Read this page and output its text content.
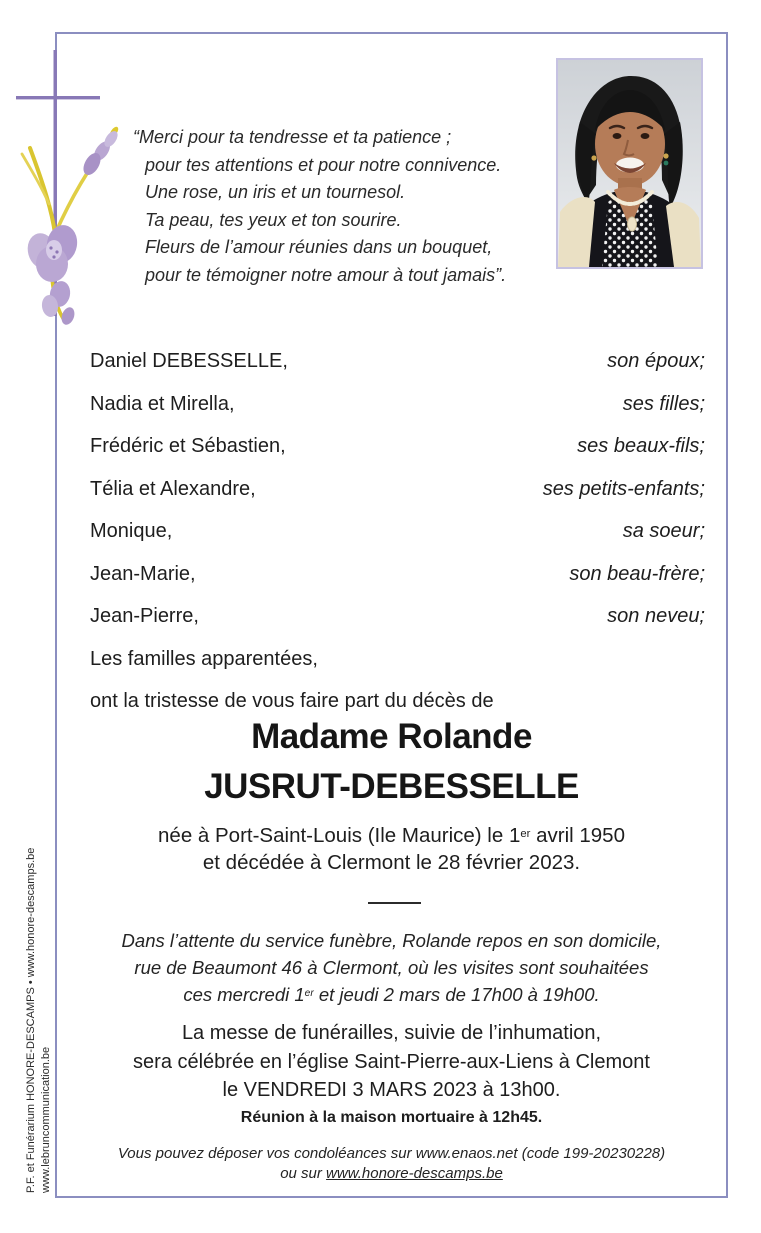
“Merci pour ta tendresse et ta patience ;
pour tes attentions et pour notre connivence.
Une rose, un iris et un tournesol.
Ta peau, tes yeux et ton sourire.
Fleurs de l’amour réunies dans un bouquet,
pour te témoigner notre amour à tout jamais”.
Daniel DEBESSELLE,	son époux;
Nadia et Mirella,	ses filles;
Frédéric et Sébastien,	ses beaux-fils;
Télia et Alexandre,	ses petits-enfants;
Monique,	sa soeur;
Jean-Marie,	son beau-frère;
Jean-Pierre,	son neveu;
Les familles apparentées,
ont la tristesse de vous faire part du décès de
Madame Rolande
JUSRUT-DEBESSELLE
née à Port-Saint-Louis (Ile Maurice) le 1er avril 1950
et décédée à Clermont le 28 février 2023.
Dans l’attente du service funèbre, Rolande repos en son domicile,
rue de Beaumont 46 à Clermont, où les visites sont souhaitées
ces mercredi 1er et jeudi 2 mars de 17h00 à 19h00.
La messe de funérailles, suivie de l’inhumation,
sera célébrée en l’église Saint-Pierre-aux-Liens à Clemont
le VENDREDI 3 MARS 2023 à 13h00.
Réunion à la maison mortuaire à 12h45.
Vous pouvez déposer vos condoléances sur www.enaos.net (code 199-20230228)
ou sur www.honore-descamps.be
P.F. et Funérarium HONORE-DESCAMPS • www.honore-descamps.be www.lebruncommunication.be
